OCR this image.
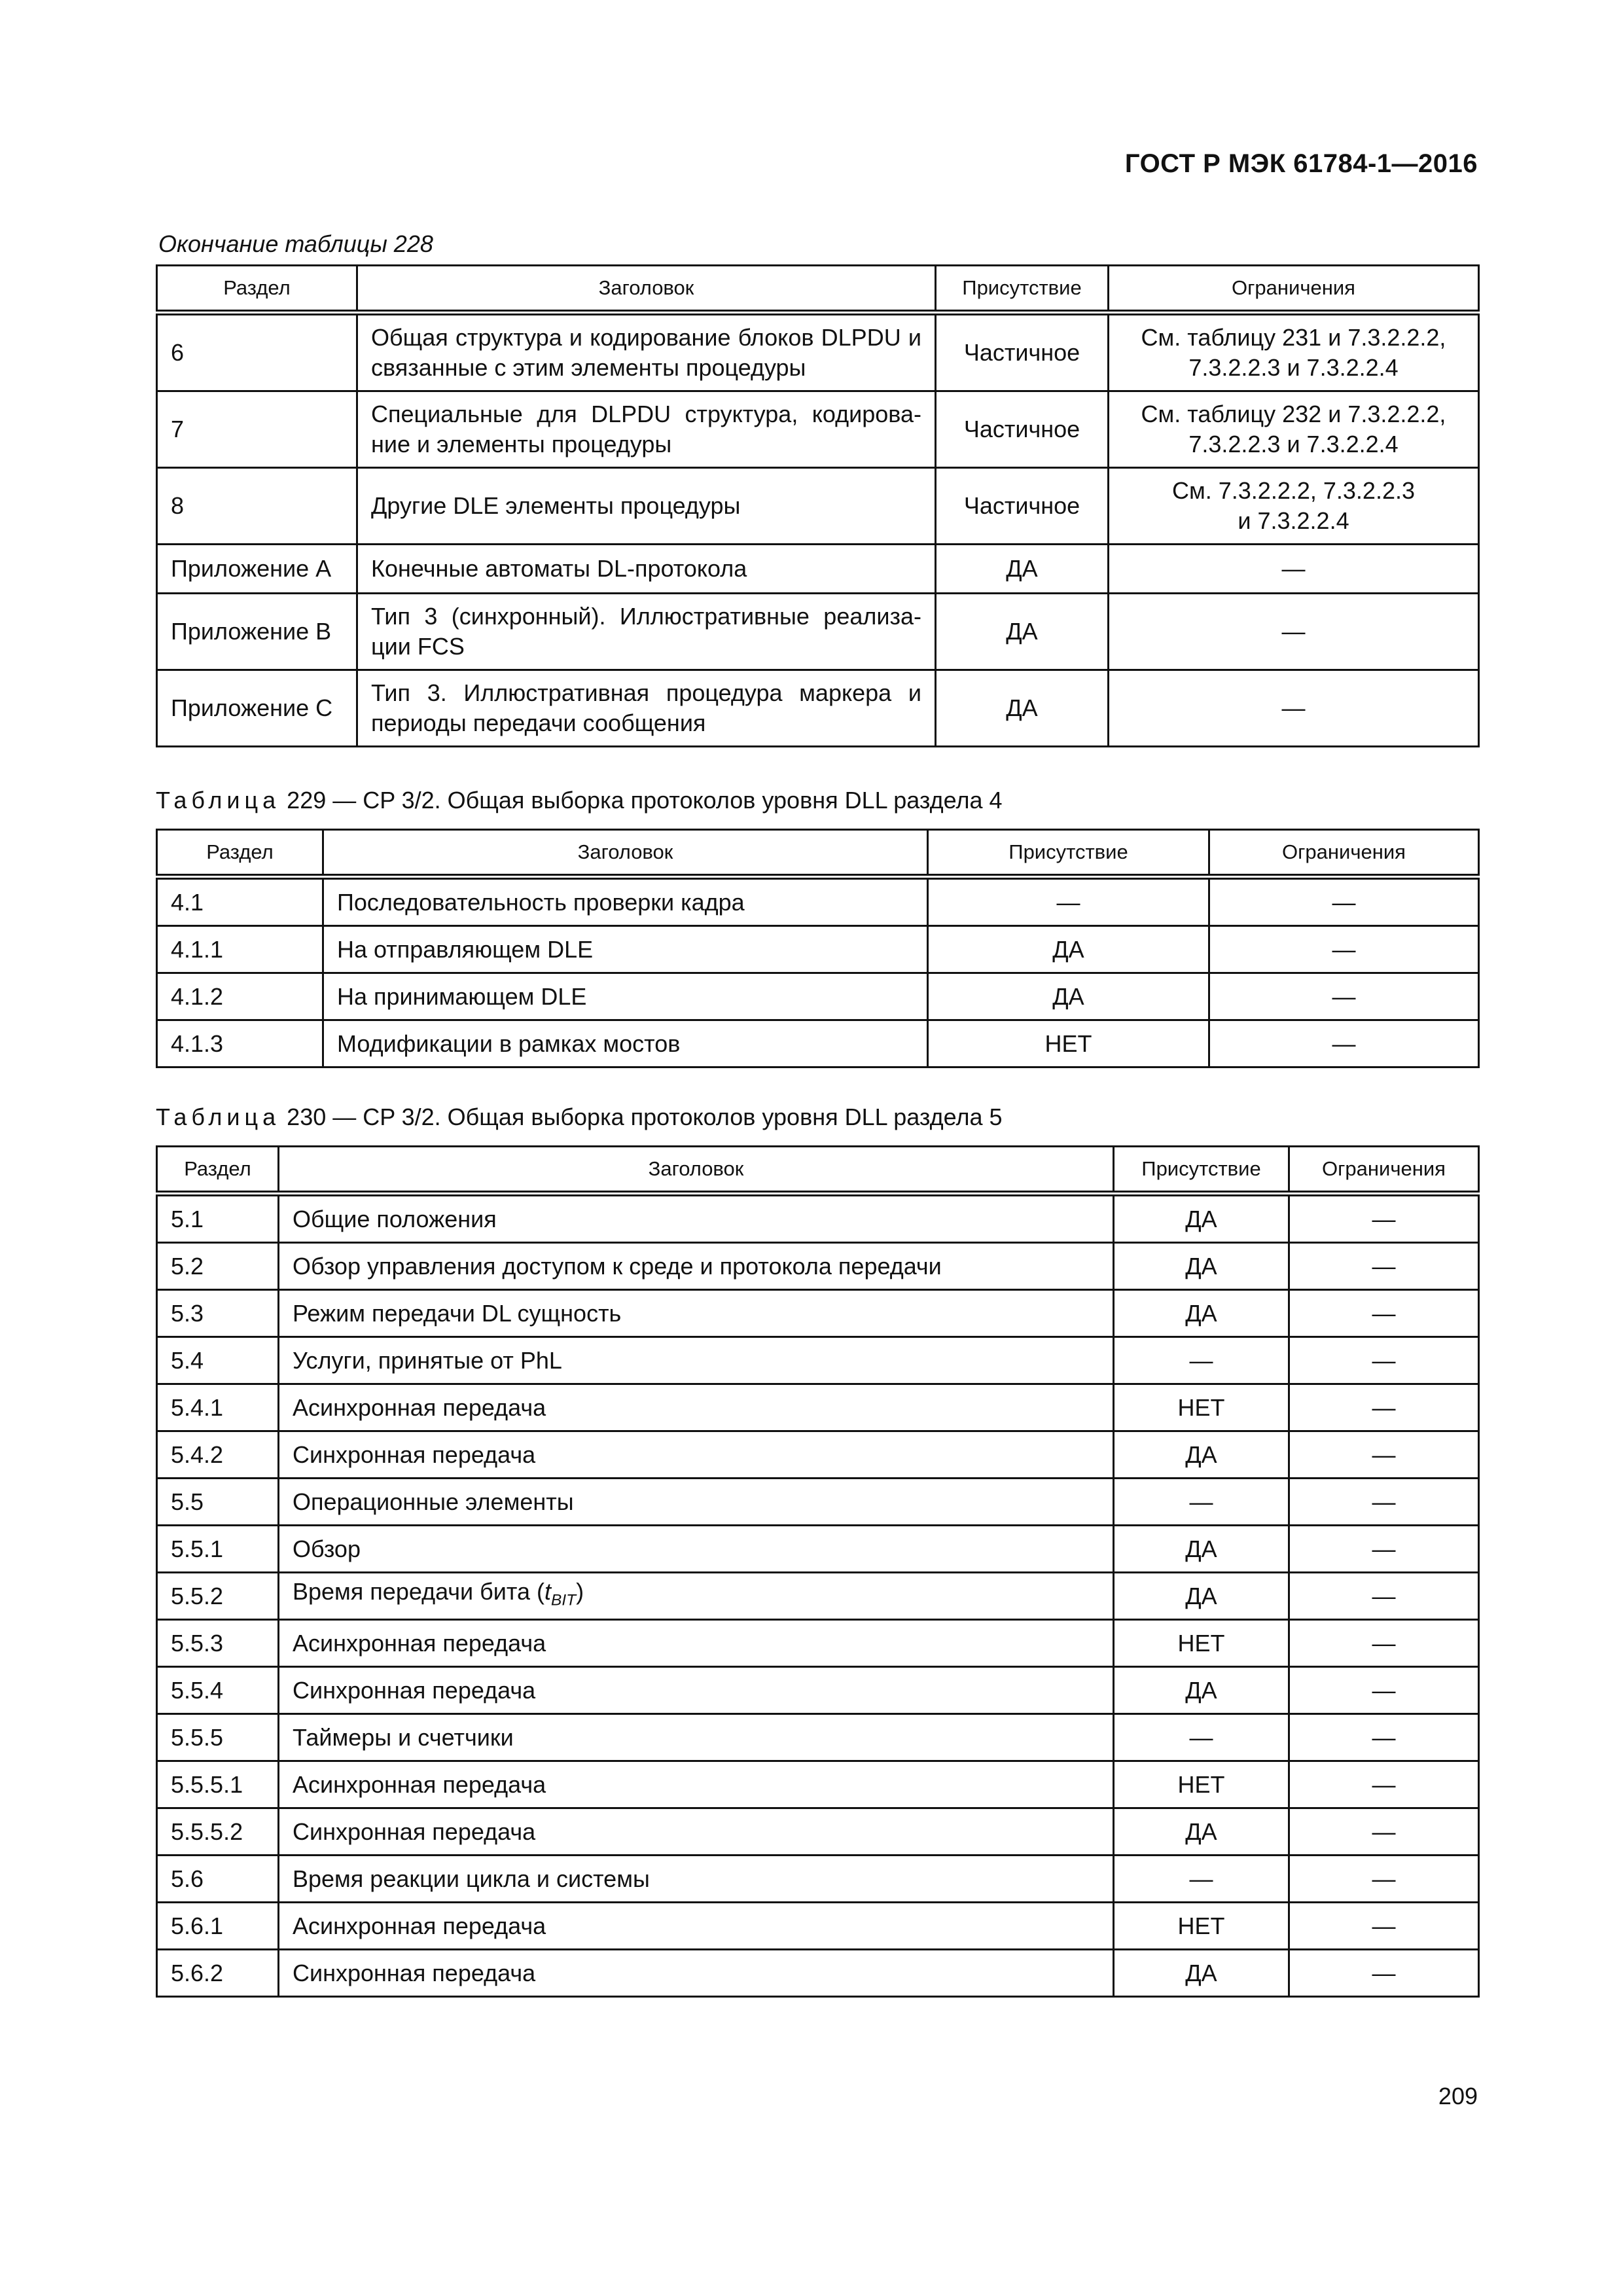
ГОСТ Р МЭК 61784-1—2016
Окончание таблицы 228
Раздел	Заголовок	Присутствие	Ограничения
6	Общая структура и кодирование блоков DLPDU и связанные с этим элементы процедуры	Частичное	См. таблицу 231 и 7.3.2.2.2,
7.3.2.2.3 и 7.3.2.2.4
7	Специальные для DLPDU структура, кодирова-ние и элементы процедуры	Частичное	См. таблицу 232 и 7.3.2.2.2,
7.3.2.2.3 и 7.3.2.2.4
8	Другие DLE элементы процедуры	Частичное	См. 7.3.2.2.2, 7.3.2.2.3
и 7.3.2.2.4
Приложение A	Конечные автоматы DL-протокола	ДА	—
Приложение B	Тип 3 (синхронный). Иллюстративные реализа-ции FCS	ДА	—
Приложение C	Тип 3. Иллюстративная процедура маркера и периоды передачи сообщения	ДА	—
Таблица 229 — CP 3/2. Общая выборка протоколов уровня DLL раздела 4
Раздел	Заголовок	Присутствие	Ограничения
4.1	Последовательность проверки кадра	—	—
4.1.1	На отправляющем DLE	ДА	—
4.1.2	На принимающем DLE	ДА	—
4.1.3	Модификации в рамках мостов	НЕТ	—
Таблица 230 — CP 3/2. Общая выборка протоколов уровня DLL раздела 5
Раздел	Заголовок	Присутствие	Ограничения
5.1	Общие положения	ДА	—
5.2	Обзор управления доступом к среде и протокола передачи	ДА	—
5.3	Режим передачи DL сущность	ДА	—
5.4	Услуги, принятые от PhL	—	—
5.4.1	Асинхронная передача	НЕТ	—
5.4.2	Синхронная передача	ДА	—
5.5	Операционные элементы	—	—
5.5.1	Обзор	ДА	—
5.5.2	Время передачи бита $(t_{BIT})$	ДА	—
5.5.3	Асинхронная передача	НЕТ	—
5.5.4	Синхронная передача	ДА	—
5.5.5	Таймеры и счетчики	—	—
5.5.5.1	Асинхронная передача	НЕТ	—
5.5.5.2	Синхронная передача	ДА	—
5.6	Время реакции цикла и системы	—	—
5.6.1	Асинхронная передача	НЕТ	—
5.6.2	Синхронная передача	ДА	—
209
